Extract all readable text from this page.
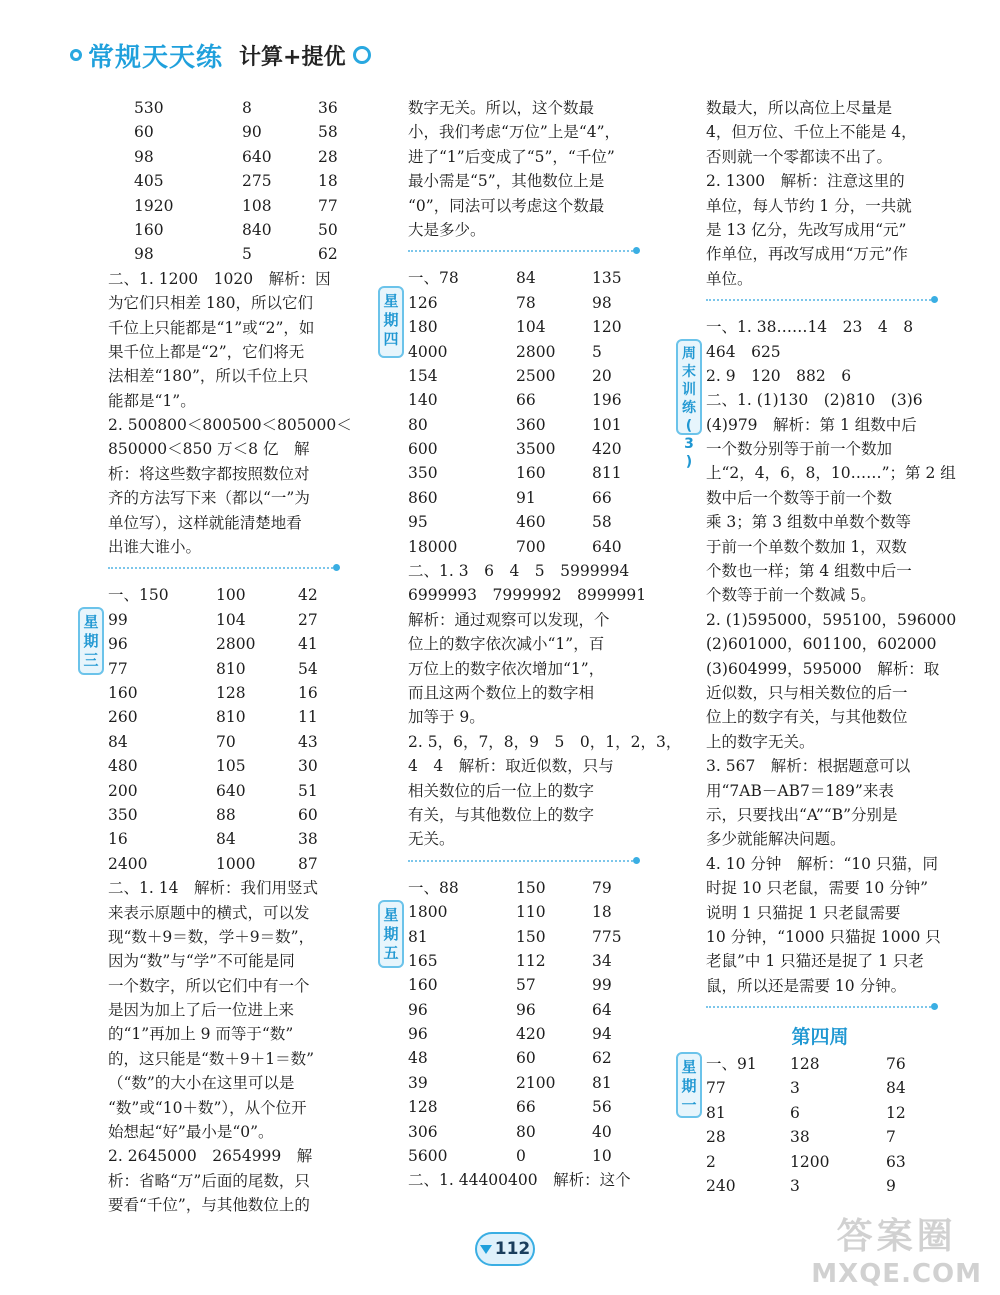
常规天天练 计算+提优
530	8	36
60	90	58
98	640	28
405	275	18
1920	108	77
160	840	50
98	5	62
二、1. 1200　1020　解析：因
为它们只相差 180，所以它们
千位上只能都是“1”或“2”，如
果千位上都是“2”，它们将无
法相差“180”，所以千位上只
能都是“1”。
2. 500800＜800500＜805000＜
850000＜850 万＜8 亿　解
析：将这些数字都按照数位对
齐的方法写下来（都以“一”为
单位写），这样就能清楚地看
出谁大谁小。
星
期
三
一、150	100	42
99	104	27
96	2800	41
77	810	54
160	128	16
260	810	11
84	70	43
480	105	30
200	640	51
350	88	60
16	84	38
2400	1000	87
二、1. 14　解析：我们用竖式
来表示原题中的横式，可以发
现“数＋9＝数，学＋9＝数”，
因为“数”与“学”不可能是同
一个数字，所以它们中有一个
是因为加上了后一位进上来
的“1”再加上 9 而等于“数”
的，这只能是“数＋9＋1＝数”
（“数”的大小在这里可以是
“数”或“10＋数”），从个位开
始想起“好”最小是“0”。
2. 2645000　2654999　解
析：省略“万”后面的尾数，只
要看“千位”，与其他数位上的
数字无关。所以，这个数最
小，我们考虑“万位”上是“4”，
进了“1”后变成了“5”，“千位”
最小需是“5”，其他数位上是
“0”，同法可以考虑这个数最
大是多少。
星
期
四
一、78	84	135
126	78	98
180	104	120
4000	2800	5
154	2500	20
140	66	196
80	360	101
600	3500	420
350	160	811
860	91	66
95	460	58
18000	700	640
二、1. 3　6　4　5　5999994
6999993　7999992　8999991
解析：通过观察可以发现，个
位上的数字依次减小“1”，百
万位上的数字依次增加“1”，
而且这两个数位上的数字相
加等于 9。
2. 5，6，7，8，9　5　0，1，2，3，
4　4　解析：取近似数，只与
相关数位的后一位上的数字
有关，与其他数位上的数字
无关。
星
期
五
一、88	150	79
1800	110	18
81	150	775
165	112	34
160	57	99
96	96	64
96	420	94
48	60	62
39	2100	81
128	66	56
306	80	40
5600	0	10
二、1. 44400400　解析：这个
数最大，所以高位上尽量是
4，但万位、千位上不能是 4，
否则就一个零都读不出了。
2. 1300　解析：注意这里的
单位，每人节约 1 分，一共就
是 13 亿分，先改写成用“元”
作单位，再改写成用“万元”作
单位。
周
末
训
练
(
3
)
一、1. 38……14　23　4　8
464　625
2. 9　120　882　6
二、1. (1)130　(2)810　(3)6
(4)979　解析：第 1 组数中后
一个数分别等于前一个数加
上“2，4，6，8，10……”；第 2 组
数中后一个数等于前一个数
乘 3；第 3 组数中单数个数等
于前一个单数个数加 1，双数
个数也一样；第 4 组数中后一
个数等于前一个数减 5。
2. (1)595000，595100，596000
(2)601000，601100，602000
(3)604999，595000　解析：取
近似数，只与相关数位的后一
位上的数字有关，与其他数位
上的数字无关。
3. 567　解析：根据题意可以
用“7AB－AB7＝189”来表
示，只要找出“A”“B”分别是
多少就能解决问题。
4. 10 分钟　解析：“10 只猫，同
时捉 10 只老鼠，需要 10 分钟”
说明 1 只猫捉 1 只老鼠需要
10 分钟，“1000 只猫捉 1000 只
老鼠”中 1 只猫还是捉了 1 只老
鼠，所以还是需要 10 分钟。
第四周
星
期
一
一、91	128	76
77	3	84
81	6	12
28	38	7
2	1200	63
240	3	9
112	答案圈
MXQE.COM
